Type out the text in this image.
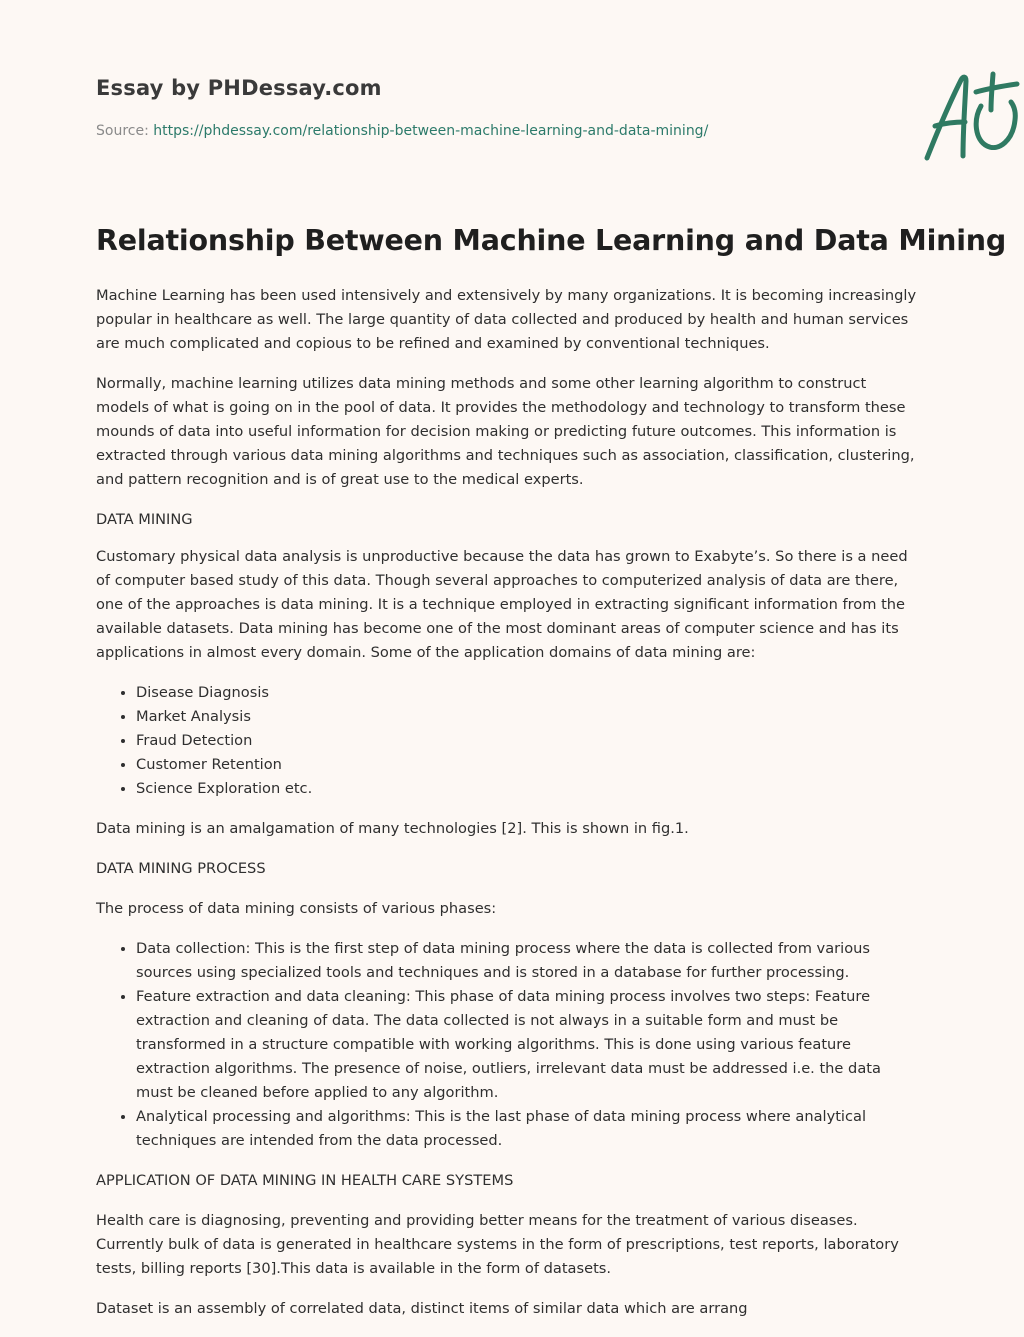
Essay by PHDessay.com
Source: https://phdessay.com/relationship-between-machine-learning-and-data-mining/
Relationship Between Machine Learning and Data Mining

Machine Learning has been used intensively and extensively by many organizations. It is becoming increasingly popular in healthcare as well. The large quantity of data collected and produced by health and human services are much complicated and copious to be refined and examined by conventional techniques.

Normally, machine learning utilizes data mining methods and some other learning algorithm to construct models of what is going on in the pool of data. It provides the methodology and technology to transform these mounds of data into useful information for decision making or predicting future outcomes. This information is extracted through various data mining algorithms and techniques such as association, classification, clustering, and pattern recognition and is of great use to the medical experts.

DATA MINING

Customary physical data analysis is unproductive because the data has grown to Exabyte’s. So there is a need of computer based study of this data. Though several approaches to computerized analysis of data are there, one of the approaches is data mining. It is a technique employed in extracting significant information from the available datasets. Data mining has become one of the most dominant areas of computer science and has its applications in almost every domain. Some of the application domains of data mining are:

• Disease Diagnosis
• Market Analysis
• Fraud Detection
• Customer Retention
• Science Exploration etc.

Data mining is an amalgamation of many technologies [2]. This is shown in fig.1.

DATA MINING PROCESS

The process of data mining consists of various phases:

• Data collection: This is the first step of data mining process where the data is collected from various sources using specialized tools and techniques and is stored in a database for further processing.
• Feature extraction and data cleaning: This phase of data mining process involves two steps: Feature extraction and cleaning of data. The data collected is not always in a suitable form and must be transformed in a structure compatible with working algorithms. This is done using various feature extraction algorithms. The presence of noise, outliers, irrelevant data must be addressed i.e. the data must be cleaned before applied to any algorithm.
• Analytical processing and algorithms: This is the last phase of data mining process where analytical techniques are intended from the data processed.

APPLICATION OF DATA MINING IN HEALTH CARE SYSTEMS

Health care is diagnosing, preventing and providing better means for the treatment of various diseases. Currently bulk of data is generated in healthcare systems in the form of prescriptions, test reports, laboratory tests, billing reports [30].This data is available in the form of datasets.

Dataset is an assembly of correlated data, distinct items of similar data which are arrang
